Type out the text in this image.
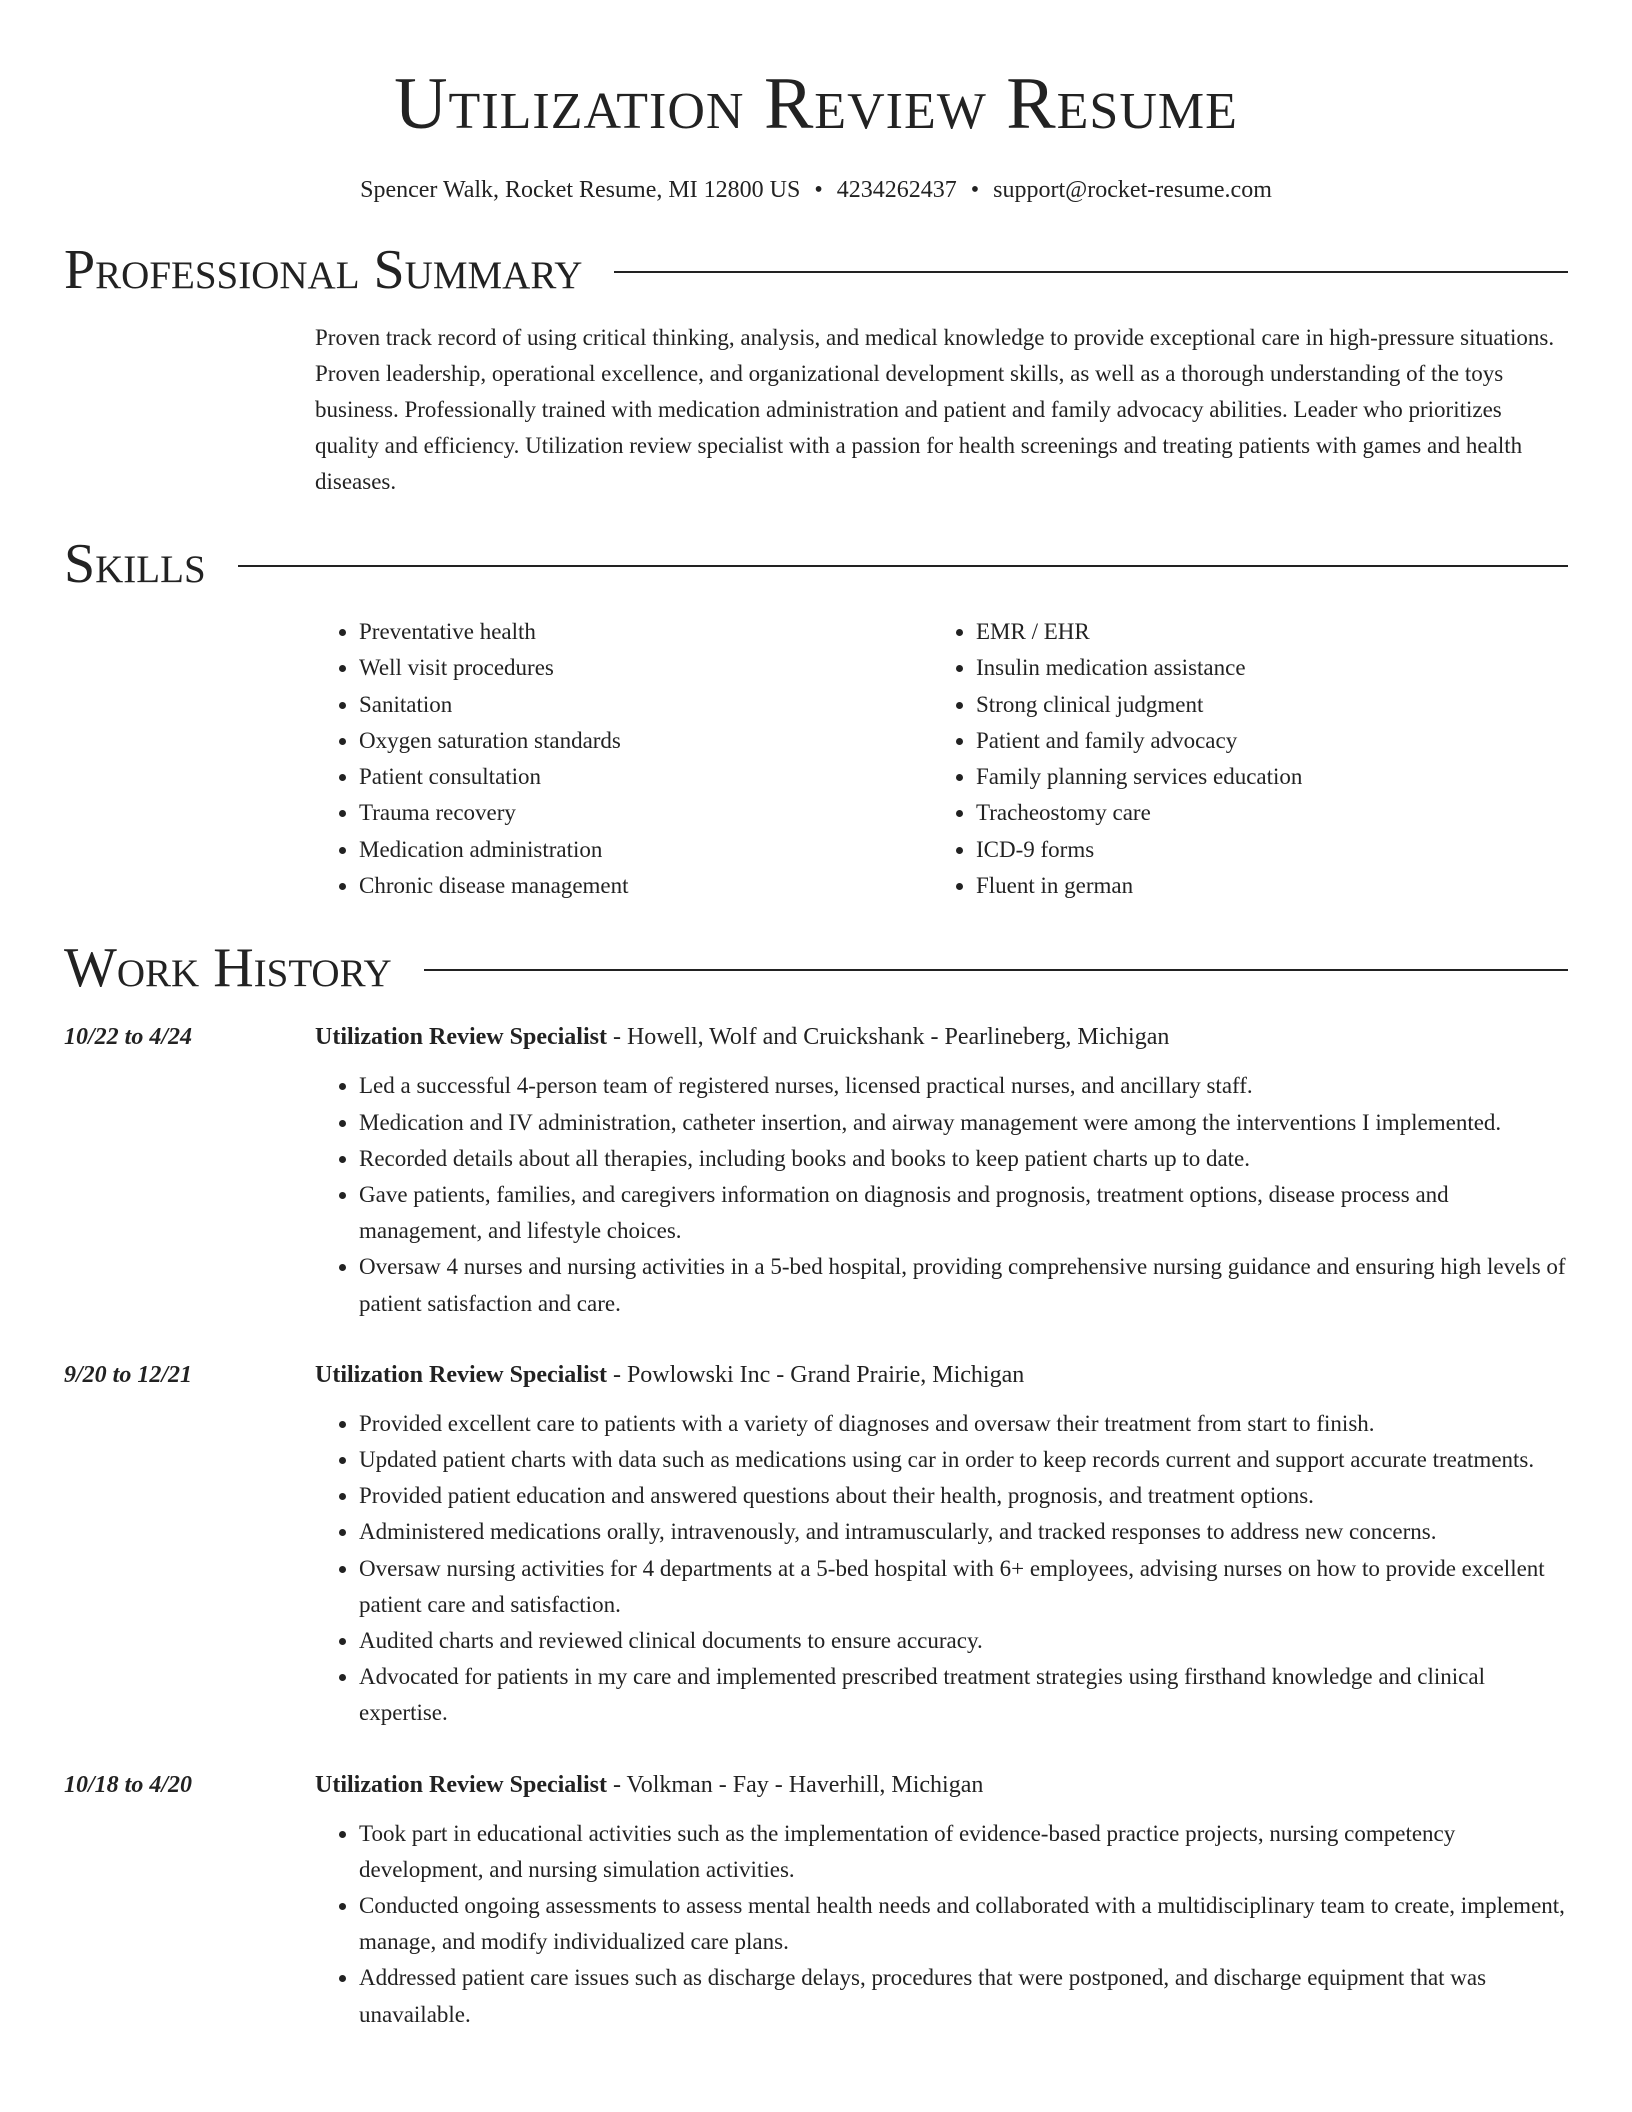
Utilization Review Resume
Spencer Walk, Rocket Resume, MI 12800 US • 4234262437 • support@rocket-resume.com
Professional Summary
Proven track record of using critical thinking, analysis, and medical knowledge to provide exceptional care in high-pressure situations. Proven leadership, operational excellence, and organizational development skills, as well as a thorough understanding of the toys business. Professionally trained with medication administration and patient and family advocacy abilities. Leader who prioritizes quality and efficiency. Utilization review specialist with a passion for health screenings and treating patients with games and health diseases.
Skills
• Preventative health
• Well visit procedures
• Sanitation
• Oxygen saturation standards
• Patient consultation
• Trauma recovery
• Medication administration
• Chronic disease management
• EMR / EHR
• Insulin medication assistance
• Strong clinical judgment
• Patient and family advocacy
• Family planning services education
• Tracheostomy care
• ICD-9 forms
• Fluent in german
Work History
10/22 to 4/24	Utilization Review Specialist - Howell, Wolf and Cruickshank - Pearlineberg, Michigan
• Led a successful 4-person team of registered nurses, licensed practical nurses, and ancillary staff.
• Medication and IV administration, catheter insertion, and airway management were among the interventions I implemented.
• Recorded details about all therapies, including books and books to keep patient charts up to date.
• Gave patients, families, and caregivers information on diagnosis and prognosis, treatment options, disease process and management, and lifestyle choices.
• Oversaw 4 nurses and nursing activities in a 5-bed hospital, providing comprehensive nursing guidance and ensuring high levels of patient satisfaction and care.
9/20 to 12/21	Utilization Review Specialist - Powlowski Inc - Grand Prairie, Michigan
• Provided excellent care to patients with a variety of diagnoses and oversaw their treatment from start to finish.
• Updated patient charts with data such as medications using car in order to keep records current and support accurate treatments.
• Provided patient education and answered questions about their health, prognosis, and treatment options.
• Administered medications orally, intravenously, and intramuscularly, and tracked responses to address new concerns.
• Oversaw nursing activities for 4 departments at a 5-bed hospital with 6+ employees, advising nurses on how to provide excellent patient care and satisfaction.
• Audited charts and reviewed clinical documents to ensure accuracy.
• Advocated for patients in my care and implemented prescribed treatment strategies using firsthand knowledge and clinical expertise.
10/18 to 4/20	Utilization Review Specialist - Volkman - Fay - Haverhill, Michigan
• Took part in educational activities such as the implementation of evidence-based practice projects, nursing competency development, and nursing simulation activities.
• Conducted ongoing assessments to assess mental health needs and collaborated with a multidisciplinary team to create, implement, manage, and modify individualized care plans.
• Addressed patient care issues such as discharge delays, procedures that were postponed, and discharge equipment that was unavailable.
